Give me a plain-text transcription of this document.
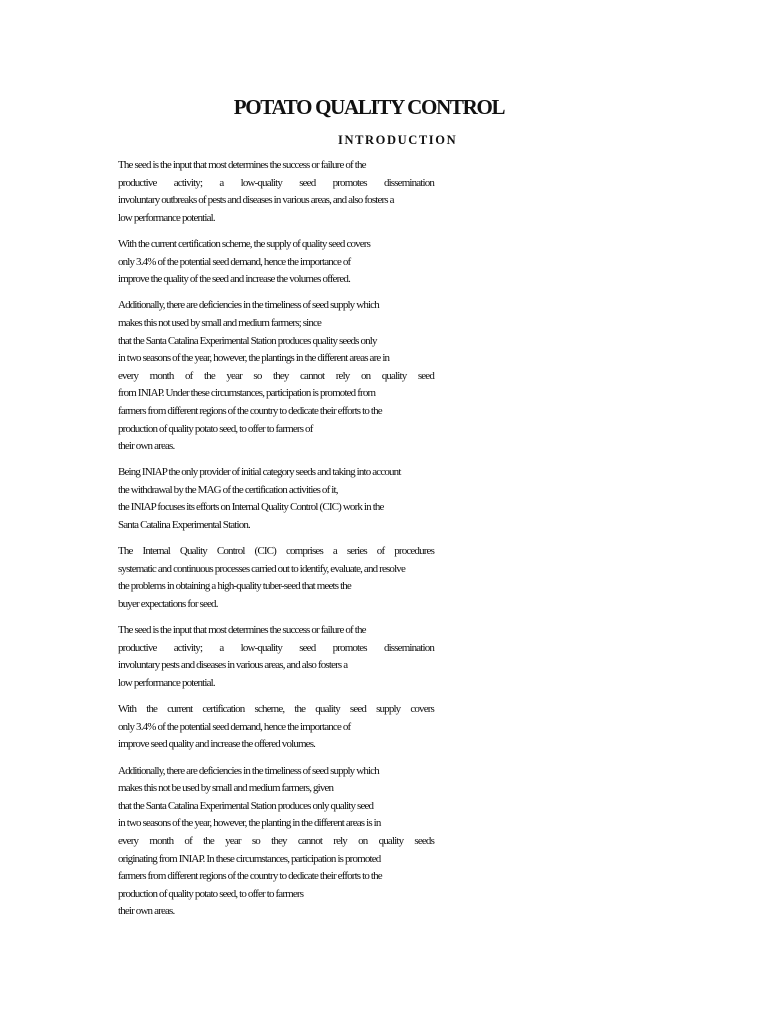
POTATO QUALITY CONTROL
INTRODUCTION
The seed is the input that most determines the success or failure of the
productive activity; a low-quality seed promotes dissemination
involuntary outbreaks of pests and diseases in various areas, and also fosters a
low performance potential.
With the current certification scheme, the supply of quality seed covers
only 3.4% of the potential seed demand, hence the importance of
improve the quality of the seed and increase the volumes offered.
Additionally, there are deficiencies in the timeliness of seed supply which
makes this not used by small and medium farmers; since
that the Santa Catalina Experimental Station produces quality seeds only
in two seasons of the year, however, the plantings in the different areas are in
every month of the year so they cannot rely on quality seed
from INIAP. Under these circumstances, participation is promoted from
farmers from different regions of the country to dedicate their efforts to the
production of quality potato seed, to offer to farmers of
their own areas.
Being INIAP the only provider of initial category seeds and taking into account
the withdrawal by the MAG of the certification activities of it,
the INIAP focuses its efforts on Internal Quality Control (CIC) work in the
Santa Catalina Experimental Station.
The Internal Quality Control (CIC) comprises a series of procedures
systematic and continuous processes carried out to identify, evaluate, and resolve
the problems in obtaining a high-quality tuber-seed that meets the
buyer expectations for seed.
The seed is the input that most determines the success or failure of the
productive activity; a low-quality seed promotes dissemination
involuntary pests and diseases in various areas, and also fosters a
low performance potential.
With the current certification scheme, the quality seed supply covers
only 3.4% of the potential seed demand, hence the importance of
improve seed quality and increase the offered volumes.
Additionally, there are deficiencies in the timeliness of seed supply which
makes this not be used by small and medium farmers, given
that the Santa Catalina Experimental Station produces only quality seed
in two seasons of the year, however, the planting in the different areas is in
every month of the year so they cannot rely on quality seeds
originating from INIAP. In these circumstances, participation is promoted
farmers from different regions of the country to dedicate their efforts to the
production of quality potato seed, to offer to farmers
their own areas.
